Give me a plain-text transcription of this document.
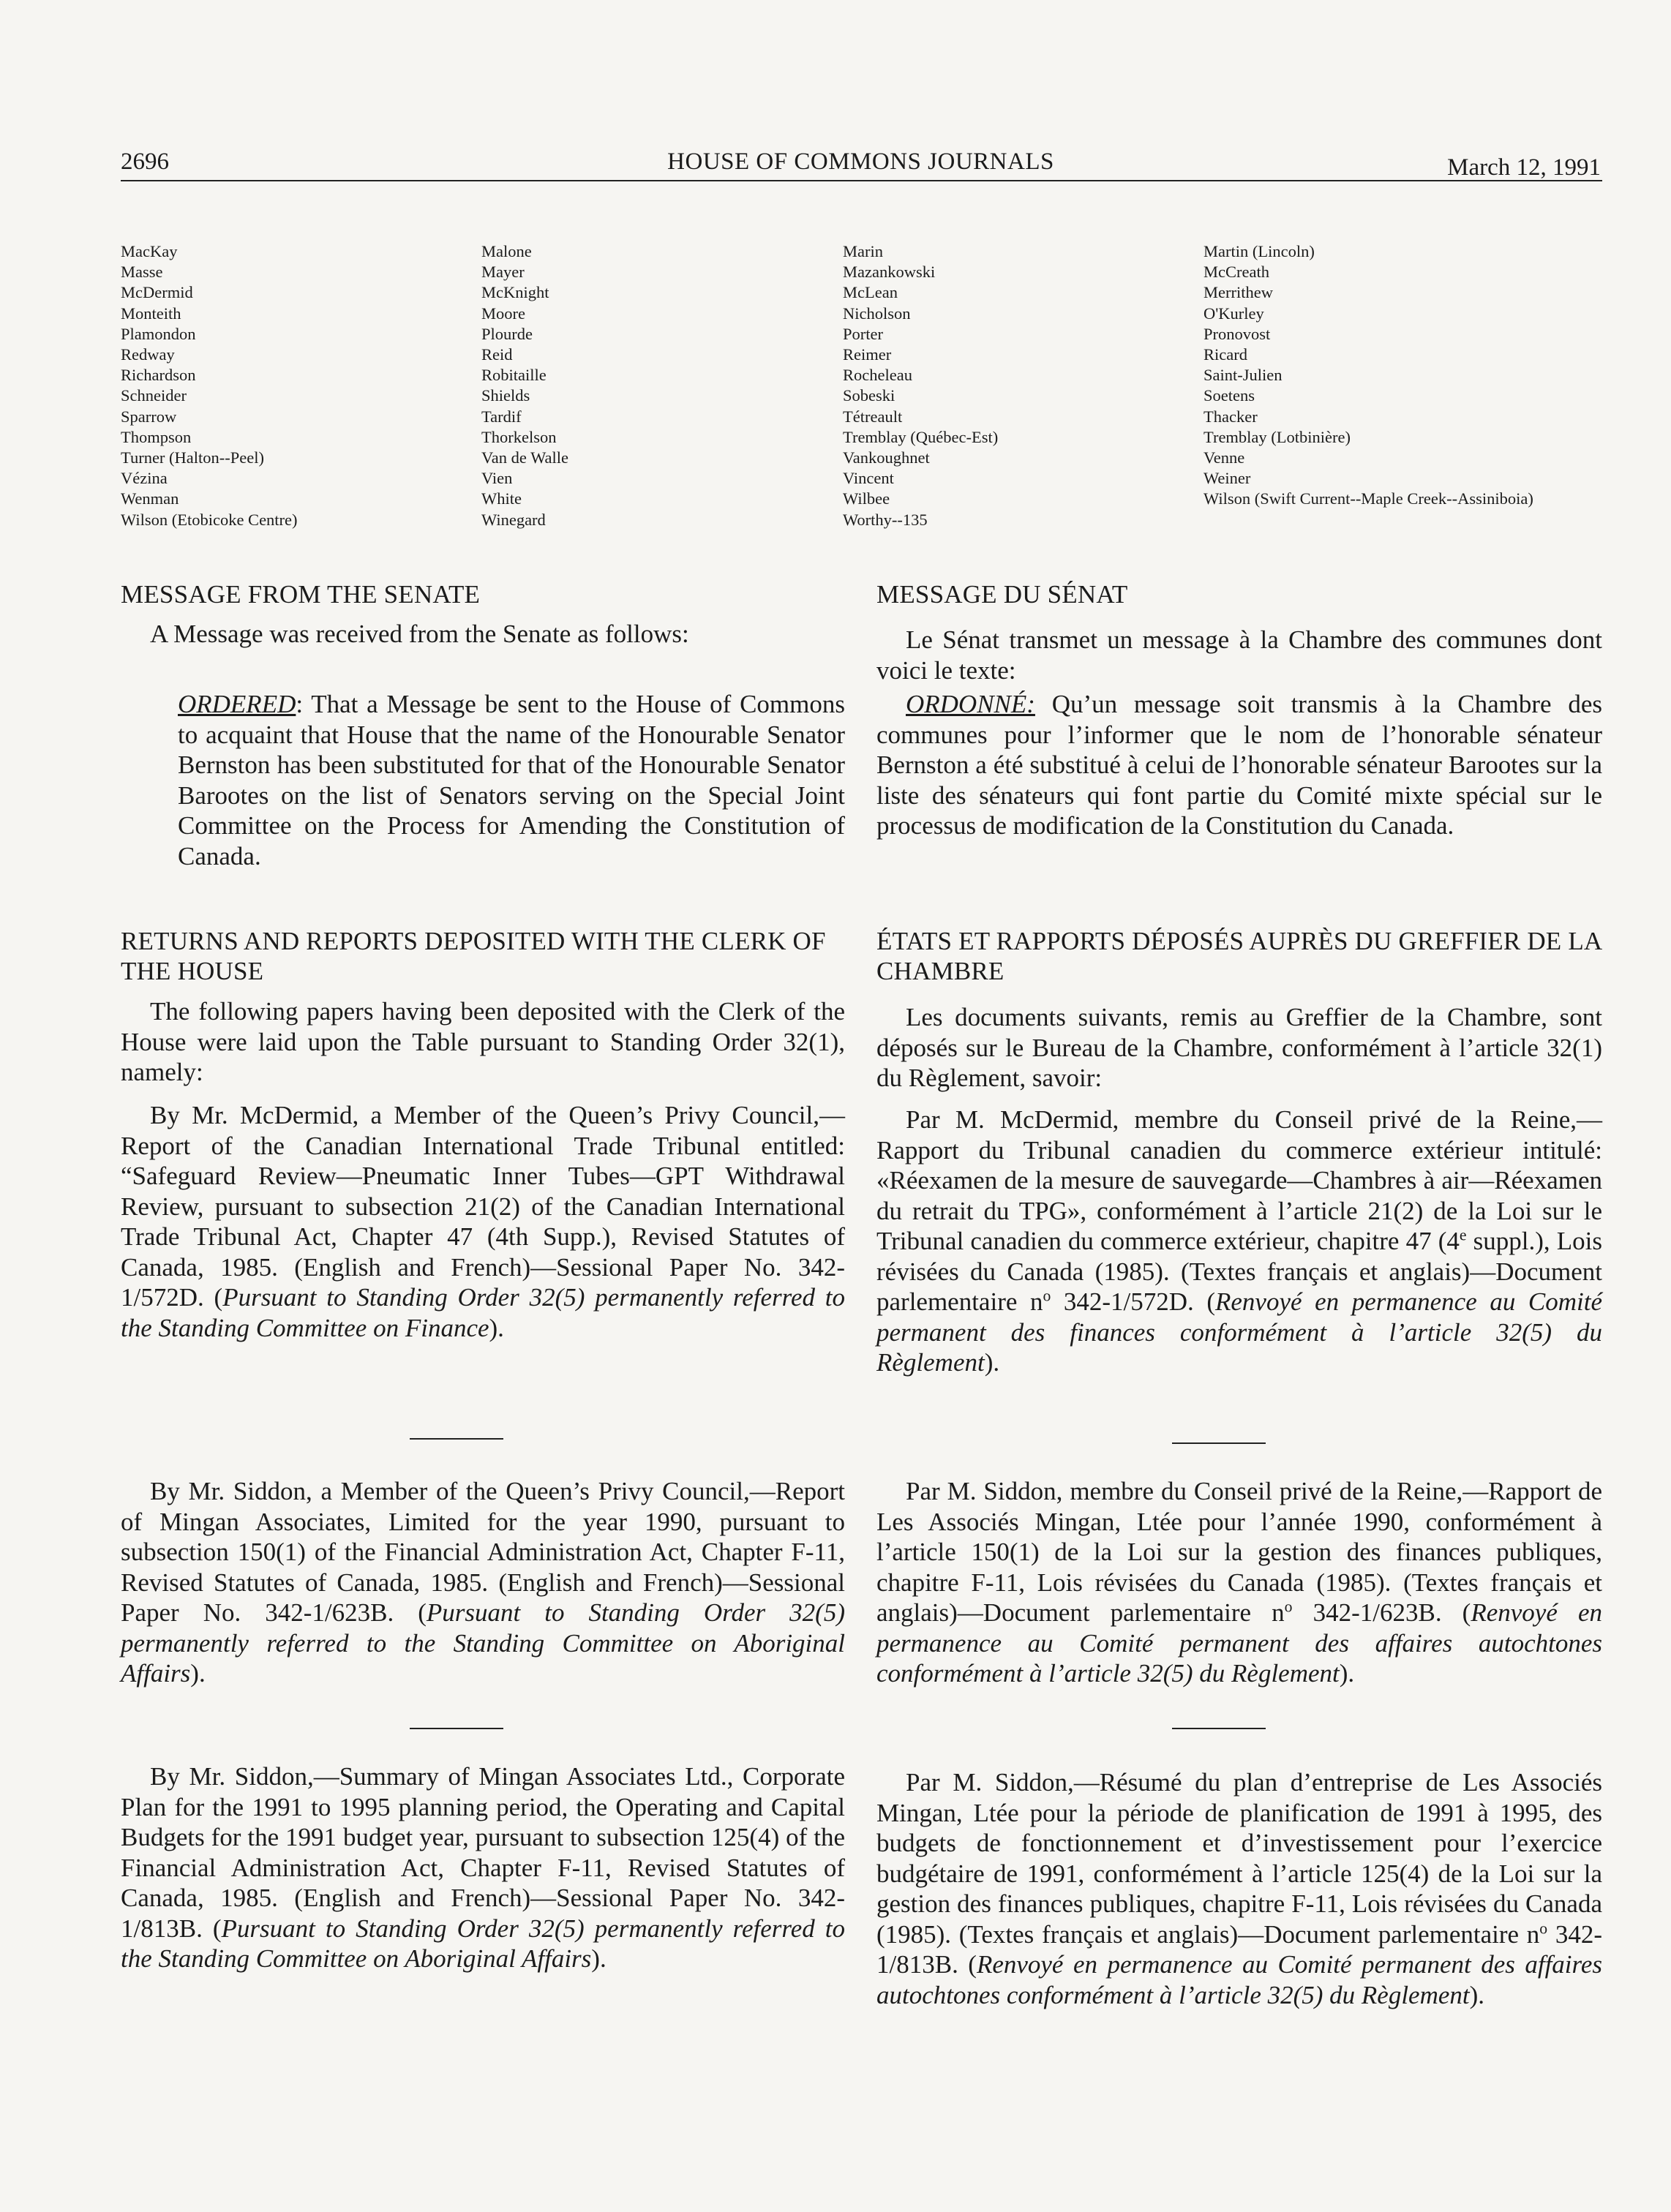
2696	HOUSE OF COMMONS JOURNALS	March 12, 1991
MacKay
Masse
McDermid
Monteith
Plamondon
Redway
Richardson
Schneider
Sparrow
Thompson
Turner (Halton--Peel)
Vézina
Wenman
Wilson (Etobicoke Centre)
Malone
Mayer
McKnight
Moore
Plourde
Reid
Robitaille
Shields
Tardif
Thorkelson
Van de Walle
Vien
White
Winegard
Marin
Mazankowski
McLean
Nicholson
Porter
Reimer
Rocheleau
Sobeski
Tétreault
Tremblay (Québec-Est)
Vankoughnet
Vincent
Wilbee
Worthy--135
Martin (Lincoln)
McCreath
Merrithew
O'Kurley
Pronovost
Ricard
Saint-Julien
Soetens
Thacker
Tremblay (Lotbinière)
Venne
Weiner
Wilson (Swift Current--Maple Creek--Assiniboia)
MESSAGE FROM THE SENATE

A Message was received from the Senate as follows:

ORDERED: That a Message be sent to the House of Commons to acquaint that House that the name of the Honourable Senator Bernston has been substituted for that of the Honourable Senator Barootes on the list of Senators serving on the Special Joint Committee on the Process for Amending the Constitution of Canada.

RETURNS AND REPORTS DEPOSITED WITH THE CLERK OF THE HOUSE

The following papers having been deposited with the Clerk of the House were laid upon the Table pursuant to Standing Order 32(1), namely:

By Mr. McDermid, a Member of the Queen’s Privy Council,—Report of the Canadian International Trade Tribunal entitled: “Safeguard Review—Pneumatic Inner Tubes—GPT Withdrawal Review, pursuant to subsection 21(2) of the Canadian International Trade Tribunal Act, Chapter 47 (4th Supp.), Revised Statutes of Canada, 1985. (English and French)—Sessional Paper No. 342-1/572D. (Pursuant to Standing Order 32(5) permanently referred to the Standing Committee on Finance).

By Mr. Siddon, a Member of the Queen’s Privy Council,—Report of Mingan Associates, Limited for the year 1990, pursuant to subsection 150(1) of the Financial Administration Act, Chapter F-11, Revised Statutes of Canada, 1985. (English and French)—Sessional Paper No. 342-1/623B. (Pursuant to Standing Order 32(5) permanently referred to the Standing Committee on Aboriginal Affairs).

By Mr. Siddon,—Summary of Mingan Associates Ltd., Corporate Plan for the 1991 to 1995 planning period, the Operating and Capital Budgets for the 1991 budget year, pursuant to subsection 125(4) of the Financial Administration Act, Chapter F-11, Revised Statutes of Canada, 1985. (English and French)—Sessional Paper No. 342-1/813B. (Pursuant to Standing Order 32(5) permanently referred to the Standing Committee on Aboriginal Affairs).

MESSAGE DU SÉNAT

Le Sénat transmet un message à la Chambre des communes dont voici le texte:

ORDONNÉ: Qu’un message soit transmis à la Chambre des communes pour l’informer que le nom de l’honorable sénateur Bernston a été substitué à celui de l’honorable sénateur Barootes sur la liste des sénateurs qui font partie du Comité mixte spécial sur le processus de modification de la Constitution du Canada.

ÉTATS ET RAPPORTS DÉPOSÉS AUPRÈS DU GREFFIER DE LA CHAMBRE

Les documents suivants, remis au Greffier de la Chambre, sont déposés sur le Bureau de la Chambre, conformément à l’article 32(1) du Règlement, savoir:

Par M. McDermid, membre du Conseil privé de la Reine,—Rapport du Tribunal canadien du commerce extérieur intitulé: «Réexamen de la mesure de sauvegarde—Chambres à air—Réexamen du retrait du TPG», conformément à l’article 21(2) de la Loi sur le Tribunal canadien du commerce extérieur, chapitre 47 (4e suppl.), Lois révisées du Canada (1985). (Textes français et anglais)—Document parlementaire $n^o$ 342-1/572D. (Renvoyé en permanence au Comité permanent des finances conformément à l’article 32(5) du Règlement).

Par M. Siddon, membre du Conseil privé de la Reine,—Rapport de Les Associés Mingan, Ltée pour l’année 1990, conformément à l’article 150(1) de la Loi sur la gestion des finances publiques, chapitre F-11, Lois révisées du Canada (1985). (Textes français et anglais)—Document parlementaire $n^o$ 342-1/623B. (Renvoyé en permanence au Comité permanent des affaires autochtones conformément à l’article 32(5) du Règlement).

Par M. Siddon,—Résumé du plan d’entreprise de Les Associés Mingan, Ltée pour la période de planification de 1991 à 1995, des budgets de fonctionnement et d’investissement pour l’exercice budgétaire de 1991, conformément à l’article 125(4) de la Loi sur la gestion des finances publiques, chapitre F-11, Lois révisées du Canada (1985). (Textes français et anglais)—Document parlementaire $n^o$ 342-1/813B. (Renvoyé en permanence au Comité permanent des affaires autochtones conformément à l’article 32(5) du Règlement).
